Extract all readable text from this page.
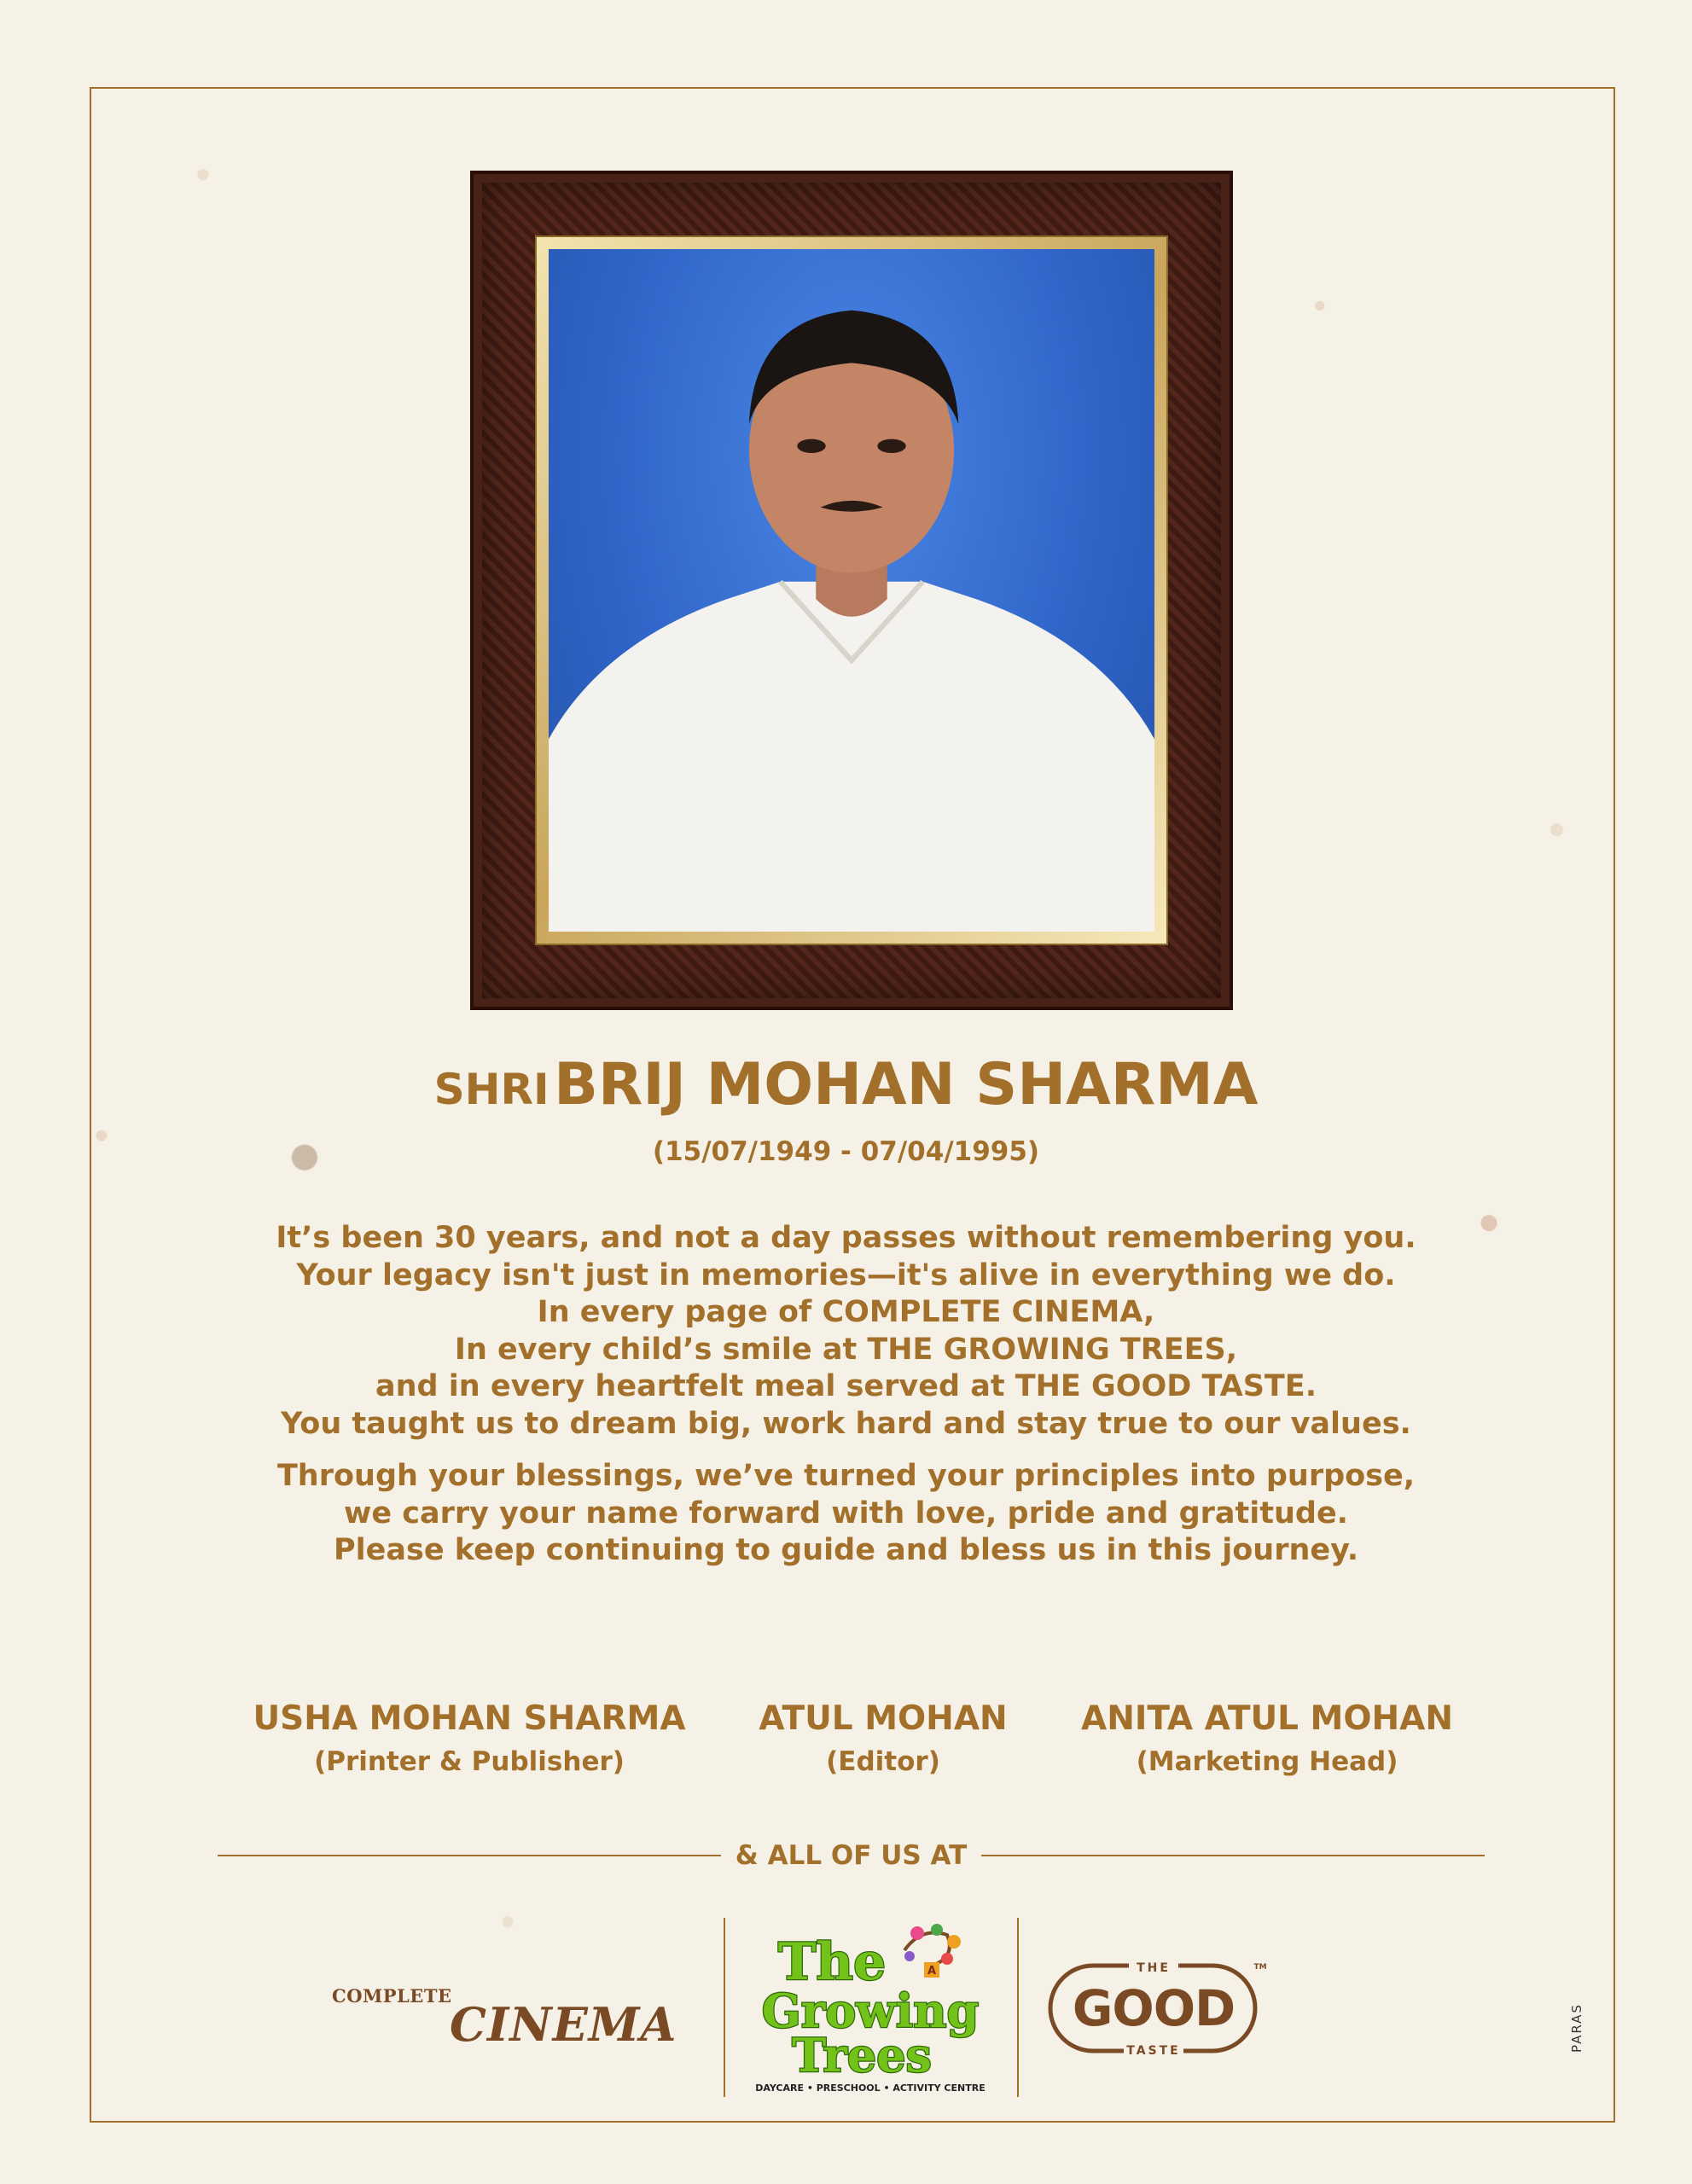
SHRI BRIJ MOHAN SHARMA
(15/07/1949 - 07/04/1995)
It’s been 30 years, and not a day passes without remembering you.
Your legacy isn't just in memories—it's alive in everything we do.
In every page of COMPLETE CINEMA,
In every child’s smile at THE GROWING TREES,
and in every heartfelt meal served at THE GOOD TASTE.
You taught us to dream big, work hard and stay true to our values.
Through your blessings, we’ve turned your principles into purpose,
we carry your name forward with love, pride and gratitude.
Please keep continuing to guide and bless us in this journey.
USHA MOHAN SHARMA
(Printer & Publisher)
ATUL MOHAN
(Editor)
ANITA ATUL MOHAN
(Marketing Head)
& ALL OF US AT
COMPLETE
CINEMA
A
The
Growing
Trees
DAYCARE • PRESCHOOL • ACTIVITY CENTRE
THE
GOOD
TASTE
TM
PARAS
